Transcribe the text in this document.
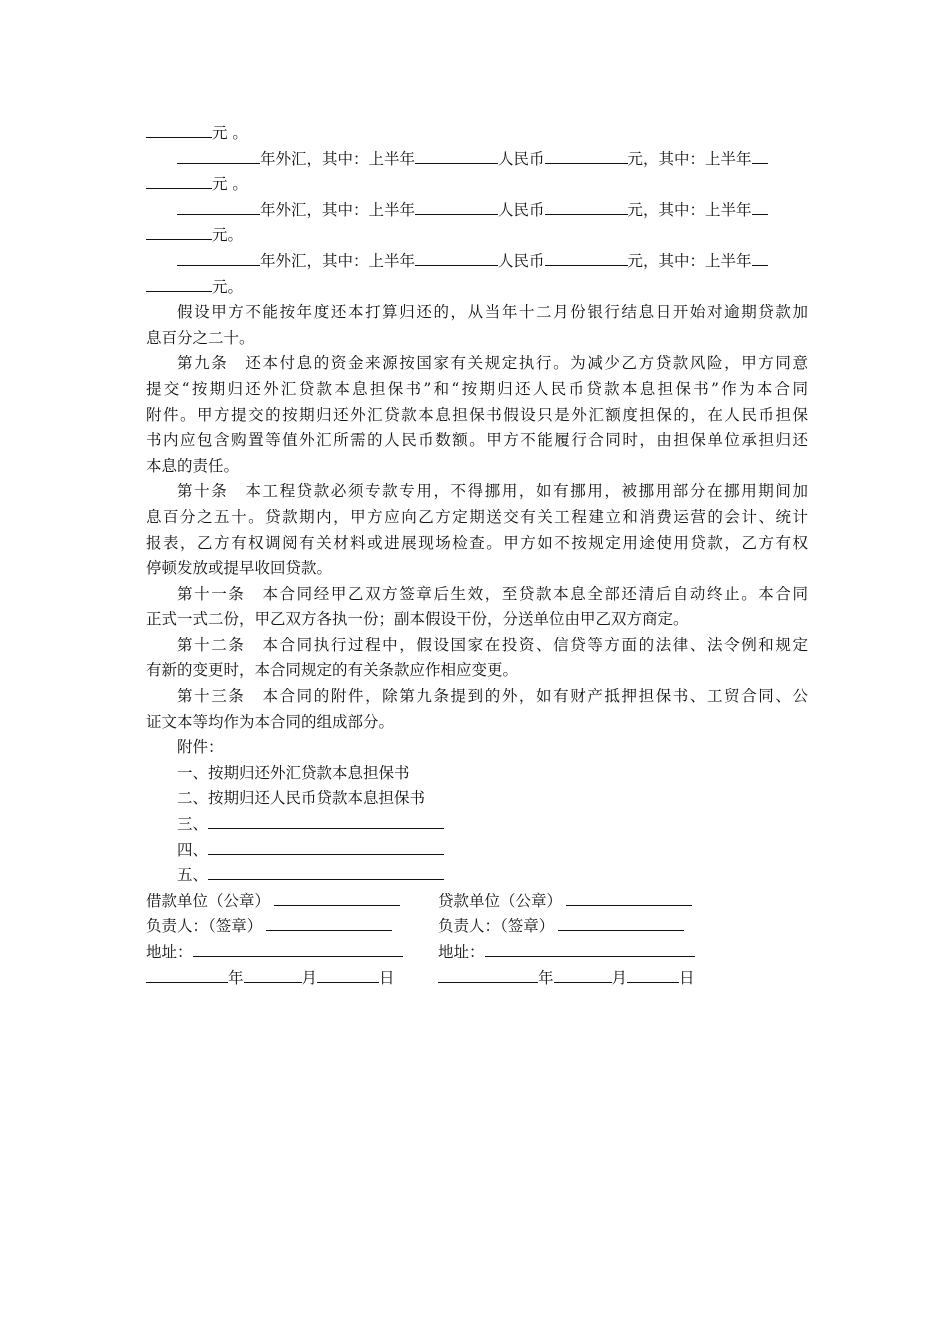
元 。
年外汇，其中：上半年	人民币	元，其中：上半年
元 。
年外汇，其中：上半年	人民币	元，其中：上半年
元。
年外汇，其中：上半年	人民币	元，其中：上半年
元。
假设甲方不能按年度还本打算归还的，从当年十二月份银行结息日开始对逾期贷款加
息百分之二十。
第九条　还本付息的资金来源按国家有关规定执行。为减少乙方贷款风险，甲方同意
提交“按期归还外汇贷款本息担保书”和“按期归还人民币贷款本息担保书”作为本合同
附件。甲方提交的按期归还外汇贷款本息担保书假设只是外汇额度担保的，在人民币担保
书内应包含购置等值外汇所需的人民币数额。甲方不能履行合同时，由担保单位承担归还
本息的责任。
第十条　本工程贷款必须专款专用，不得挪用，如有挪用，被挪用部分在挪用期间加
息百分之五十。贷款期内，甲方应向乙方定期送交有关工程建立和消费运营的会计、统计
报表，乙方有权调阅有关材料或进展现场检查。甲方如不按规定用途使用贷款，乙方有权
停顿发放或提早收回贷款。
第十一条　本合同经甲乙双方签章后生效，至贷款本息全部还清后自动终止。本合同
正式一式二份，甲乙双方各执一份；副本假设干份，分送单位由甲乙双方商定。
第十二条　本合同执行过程中，假设国家在投资、信贷等方面的法律、法令例和规定
有新的变更时，本合同规定的有关条款应作相应变更。
第十三条　本合同的附件，除第九条提到的外，如有财产抵押担保书、工贸合同、公
证文本等均作为本合同的组成部分。
附件：
一、按期归还外汇贷款本息担保书
二、按期归还人民币贷款本息担保书
三、
四、
五、
借款单位（公章）	贷款单位（公章）
负责人：（签章）	负责人：（签章）
地址：	地址：
年	月	日	年	月	日
